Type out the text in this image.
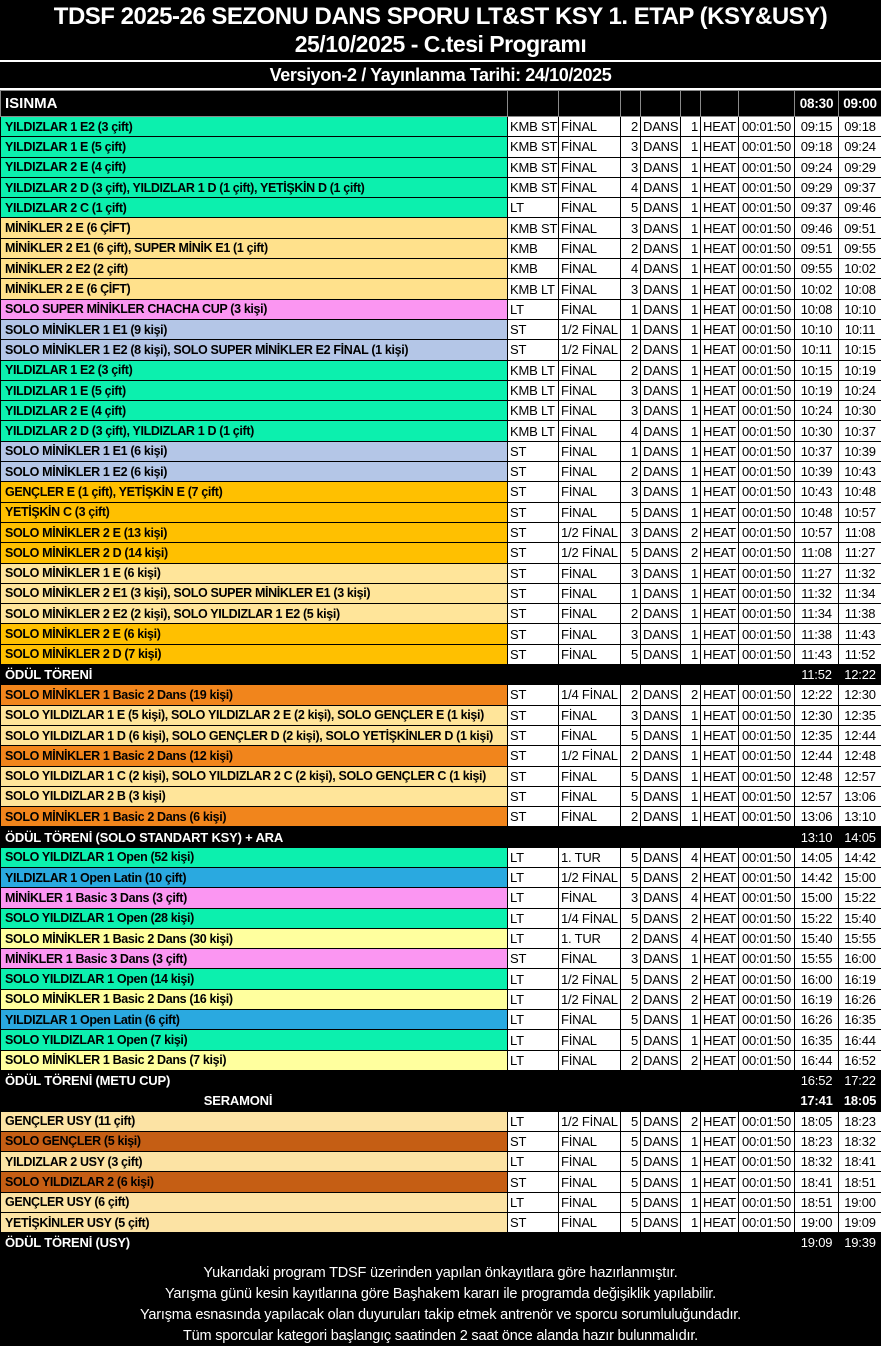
TDSF 2025-26 SEZONU DANS SPORU LT&ST KSY 1. ETAP (KSY&USY)
25/10/2025 - C.tesi Programı
Versiyon-2 / Yayınlanma Tarihi: 24/10/2025
ISINMA								08:30	09:00
YILDIZLAR 1 E2 (3 çift)	KMB ST	FİNAL	2	DANS	1	HEAT	00:01:50	09:15	09:18
YILDIZLAR 1 E (5 çift)	KMB ST	FİNAL	3	DANS	1	HEAT	00:01:50	09:18	09:24
YILDIZLAR 2 E (4 çift)	KMB ST	FİNAL	3	DANS	1	HEAT	00:01:50	09:24	09:29
YILDIZLAR 2 D (3 çift), YILDIZLAR 1 D (1 çift), YETİŞKİN D (1 çift)	KMB ST	FİNAL	4	DANS	1	HEAT	00:01:50	09:29	09:37
YILDIZLAR 2 C (1 çift)	LT	FİNAL	5	DANS	1	HEAT	00:01:50	09:37	09:46
MİNİKLER 2 E (6 ÇİFT)	KMB ST	FİNAL	3	DANS	1	HEAT	00:01:50	09:46	09:51
MİNİKLER 2 E1 (6 çift), SUPER MİNİK E1 (1 çift)	KMB	FİNAL	2	DANS	1	HEAT	00:01:50	09:51	09:55
MİNİKLER 2 E2 (2 çift)	KMB	FİNAL	4	DANS	1	HEAT	00:01:50	09:55	10:02
MİNİKLER 2 E (6 ÇİFT)	KMB LT	FİNAL	3	DANS	1	HEAT	00:01:50	10:02	10:08
SOLO SUPER MİNİKLER CHACHA CUP (3 kişi)	LT	FİNAL	1	DANS	1	HEAT	00:01:50	10:08	10:10
SOLO MİNİKLER 1 E1 (9 kişi)	ST	1/2 FİNAL	1	DANS	1	HEAT	00:01:50	10:10	10:11
SOLO MİNİKLER 1 E2 (8 kişi), SOLO SUPER MİNİKLER E2 FİNAL (1 kişi)	ST	1/2 FİNAL	2	DANS	1	HEAT	00:01:50	10:11	10:15
YILDIZLAR 1 E2 (3 çift)	KMB LT	FİNAL	2	DANS	1	HEAT	00:01:50	10:15	10:19
YILDIZLAR 1 E (5 çift)	KMB LT	FİNAL	3	DANS	1	HEAT	00:01:50	10:19	10:24
YILDIZLAR 2 E (4 çift)	KMB LT	FİNAL	3	DANS	1	HEAT	00:01:50	10:24	10:30
YILDIZLAR 2 D (3 çift), YILDIZLAR 1 D (1 çift)	KMB LT	FİNAL	4	DANS	1	HEAT	00:01:50	10:30	10:37
SOLO MİNİKLER 1 E1 (6 kişi)	ST	FİNAL	1	DANS	1	HEAT	00:01:50	10:37	10:39
SOLO MİNİKLER 1 E2 (6 kişi)	ST	FİNAL	2	DANS	1	HEAT	00:01:50	10:39	10:43
GENÇLER E (1 çift), YETİŞKİN E (7 çift)	ST	FİNAL	3	DANS	1	HEAT	00:01:50	10:43	10:48
YETİŞKİN C (3 çift)	ST	FİNAL	5	DANS	1	HEAT	00:01:50	10:48	10:57
SOLO MİNİKLER 2 E (13 kişi)	ST	1/2 FİNAL	3	DANS	2	HEAT	00:01:50	10:57	11:08
SOLO MİNİKLER 2 D (14 kişi)	ST	1/2 FİNAL	5	DANS	2	HEAT	00:01:50	11:08	11:27
SOLO MİNİKLER 1 E (6 kişi)	ST	FİNAL	3	DANS	1	HEAT	00:01:50	11:27	11:32
SOLO MİNİKLER 2 E1 (3 kişi), SOLO SUPER MİNİKLER E1 (3 kişi)	ST	FİNAL	1	DANS	1	HEAT	00:01:50	11:32	11:34
SOLO MİNİKLER 2 E2 (2 kişi), SOLO YILDIZLAR 1 E2 (5 kişi)	ST	FİNAL	2	DANS	1	HEAT	00:01:50	11:34	11:38
SOLO MİNİKLER 2 E (6 kişi)	ST	FİNAL	3	DANS	1	HEAT	00:01:50	11:38	11:43
SOLO MİNİKLER 2 D (7 kişi)	ST	FİNAL	5	DANS	1	HEAT	00:01:50	11:43	11:52
ÖDÜL TÖRENİ								11:52	12:22
SOLO MİNİKLER 1 Basic 2 Dans (19 kişi)	ST	1/4 FİNAL	2	DANS	2	HEAT	00:01:50	12:22	12:30
SOLO YILDIZLAR 1 E (5 kişi), SOLO YILDIZLAR 2 E (2 kişi), SOLO GENÇLER E (1 kişi)	ST	FİNAL	3	DANS	1	HEAT	00:01:50	12:30	12:35
SOLO YILDIZLAR 1 D (6 kişi), SOLO GENÇLER D (2 kişi), SOLO YETİŞKİNLER D (1 kişi)	ST	FİNAL	5	DANS	1	HEAT	00:01:50	12:35	12:44
SOLO MİNİKLER 1 Basic 2 Dans (12 kişi)	ST	1/2 FİNAL	2	DANS	1	HEAT	00:01:50	12:44	12:48
SOLO YILDIZLAR 1 C (2 kişi), SOLO YILDIZLAR 2 C (2 kişi), SOLO GENÇLER C (1 kişi)	ST	FİNAL	5	DANS	1	HEAT	00:01:50	12:48	12:57
SOLO YILDIZLAR 2 B (3 kişi)	ST	FİNAL	5	DANS	1	HEAT	00:01:50	12:57	13:06
SOLO MİNİKLER 1 Basic 2 Dans (6 kişi)	ST	FİNAL	2	DANS	1	HEAT	00:01:50	13:06	13:10
ÖDÜL TÖRENİ (SOLO STANDART KSY) + ARA								13:10	14:05
SOLO YILDIZLAR 1 Open (52 kişi)	LT	1. TUR	5	DANS	4	HEAT	00:01:50	14:05	14:42
YILDIZLAR 1 Open Latin (10 çift)	LT	1/2 FİNAL	5	DANS	2	HEAT	00:01:50	14:42	15:00
MİNİKLER 1 Basic 3 Dans (3 çift)	LT	FİNAL	3	DANS	4	HEAT	00:01:50	15:00	15:22
SOLO YILDIZLAR 1 Open (28 kişi)	LT	1/4 FİNAL	5	DANS	2	HEAT	00:01:50	15:22	15:40
SOLO MİNİKLER 1 Basic 2 Dans (30 kişi)	LT	1. TUR	2	DANS	4	HEAT	00:01:50	15:40	15:55
MİNİKLER 1 Basic 3 Dans (3 çift)	ST	FİNAL	3	DANS	1	HEAT	00:01:50	15:55	16:00
SOLO YILDIZLAR 1 Open (14 kişi)	LT	1/2 FİNAL	5	DANS	2	HEAT	00:01:50	16:00	16:19
SOLO MİNİKLER 1 Basic 2 Dans (16 kişi)	LT	1/2 FİNAL	2	DANS	2	HEAT	00:01:50	16:19	16:26
YILDIZLAR 1 Open Latin (6 çift)	LT	FİNAL	5	DANS	1	HEAT	00:01:50	16:26	16:35
SOLO YILDIZLAR 1 Open (7 kişi)	LT	FİNAL	5	DANS	1	HEAT	00:01:50	16:35	16:44
SOLO MİNİKLER 1 Basic 2 Dans (7 kişi)	LT	FİNAL	2	DANS	2	HEAT	00:01:50	16:44	16:52
ÖDÜL TÖRENİ (METU CUP)								16:52	17:22
SERAMONİ								17:41	18:05
GENÇLER USY (11 çift)	LT	1/2 FİNAL	5	DANS	2	HEAT	00:01:50	18:05	18:23
SOLO GENÇLER (5 kişi)	ST	FİNAL	5	DANS	1	HEAT	00:01:50	18:23	18:32
YILDIZLAR 2 USY (3 çift)	LT	FİNAL	5	DANS	1	HEAT	00:01:50	18:32	18:41
SOLO YILDIZLAR 2 (6 kişi)	ST	FİNAL	5	DANS	1	HEAT	00:01:50	18:41	18:51
GENÇLER USY (6 çift)	LT	FİNAL	5	DANS	1	HEAT	00:01:50	18:51	19:00
YETİŞKİNLER USY (5 çift)	ST	FİNAL	5	DANS	1	HEAT	00:01:50	19:00	19:09
ÖDÜL TÖRENİ (USY)								19:09	19:39
Yukarıdaki program TDSF üzerinden yapılan önkayıtlara göre hazırlanmıştır.
Yarışma günü kesin kayıtlarına göre Başhakem kararı ile programda değişiklik yapılabilir.
Yarışma esnasında yapılacak olan duyuruları takip etmek antrenör ve sporcu sorumluluğundadır.
Tüm sporcular kategori başlangıç saatinden 2 saat önce alanda hazır bulunmalıdır.
